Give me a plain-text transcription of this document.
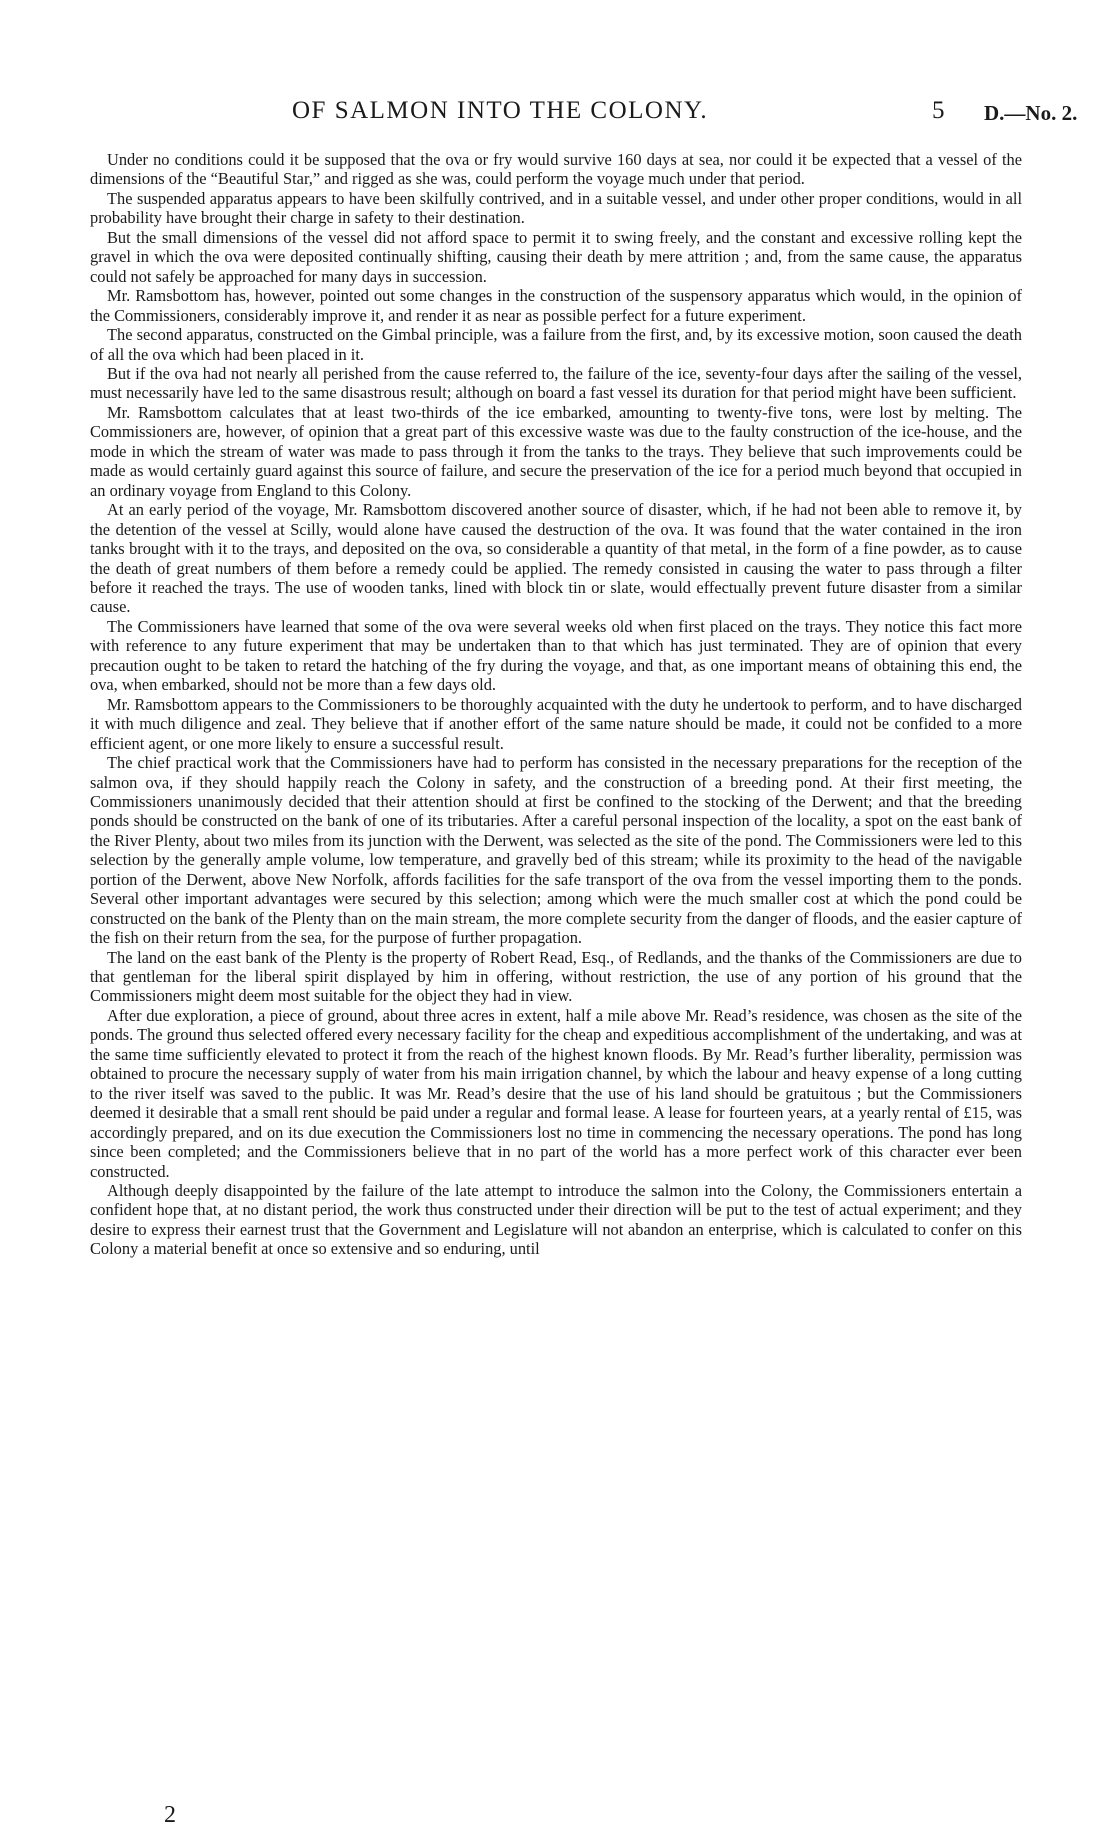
OF SALMON INTO THE COLONY.	5 D.—No. 2.

Under no conditions could it be supposed that the ova or fry would survive 160 days at sea, nor could it be expected that a vessel of the dimensions of the “Beautiful Star,” and rigged as she was, could perform the voyage much under that period.

The suspended apparatus appears to have been skilfully contrived, and in a suitable vessel, and under other proper conditions, would in all probability have brought their charge in safety to their destination.

But the small dimensions of the vessel did not afford space to permit it to swing freely, and the constant and excessive rolling kept the gravel in which the ova were deposited continually shifting, causing their death by mere attrition ; and, from the same cause, the apparatus could not safely be approached for many days in succession.

Mr. Ramsbottom has, however, pointed out some changes in the construction of the suspensory apparatus which would, in the opinion of the Commissioners, considerably improve it, and render it as near as possible perfect for a future experiment.

The second apparatus, constructed on the Gimbal principle, was a failure from the first, and, by its excessive motion, soon caused the death of all the ova which had been placed in it.

But if the ova had not nearly all perished from the cause referred to, the failure of the ice, seventy-four days after the sailing of the vessel, must necessarily have led to the same disastrous result; although on board a fast vessel its duration for that period might have been sufficient.

Mr. Ramsbottom calculates that at least two-thirds of the ice embarked, amounting to twenty-five tons, were lost by melting. The Commissioners are, however, of opinion that a great part of this excessive waste was due to the faulty construction of the ice-house, and the mode in which the stream of water was made to pass through it from the tanks to the trays. They believe that such improvements could be made as would certainly guard against this source of failure, and secure the preservation of the ice for a period much beyond that occupied in an ordinary voyage from England to this Colony.

At an early period of the voyage, Mr. Ramsbottom discovered another source of disaster, which, if he had not been able to remove it, by the detention of the vessel at Scilly, would alone have caused the destruction of the ova. It was found that the water contained in the iron tanks brought with it to the trays, and deposited on the ova, so considerable a quantity of that metal, in the form of a fine powder, as to cause the death of great numbers of them before a remedy could be applied. The remedy consisted in causing the water to pass through a filter before it reached the trays. The use of wooden tanks, lined with block tin or slate, would effectually prevent future disaster from a similar cause.

The Commissioners have learned that some of the ova were several weeks old when first placed on the trays. They notice this fact more with reference to any future experiment that may be undertaken than to that which has just terminated. They are of opinion that every precaution ought to be taken to retard the hatching of the fry during the voyage, and that, as one important means of obtaining this end, the ova, when embarked, should not be more than a few days old.

Mr. Ramsbottom appears to the Commissioners to be thoroughly acquainted with the duty he undertook to perform, and to have discharged it with much diligence and zeal. They believe that if another effort of the same nature should be made, it could not be confided to a more efficient agent, or one more likely to ensure a successful result.

The chief practical work that the Commissioners have had to perform has consisted in the necessary preparations for the reception of the salmon ova, if they should happily reach the Colony in safety, and the construction of a breeding pond. At their first meeting, the Commissioners unanimously decided that their attention should at first be confined to the stocking of the Derwent; and that the breeding ponds should be constructed on the bank of one of its tributaries. After a careful personal inspection of the locality, a spot on the east bank of the River Plenty, about two miles from its junction with the Derwent, was selected as the site of the pond. The Commissioners were led to this selection by the generally ample volume, low temperature, and gravelly bed of this stream; while its proximity to the head of the navigable portion of the Derwent, above New Norfolk, affords facilities for the safe transport of the ova from the vessel importing them to the ponds. Several other important advantages were secured by this selection; among which were the much smaller cost at which the pond could be constructed on the bank of the Plenty than on the main stream, the more complete security from the danger of floods, and the easier capture of the fish on their return from the sea, for the purpose of further propagation.

The land on the east bank of the Plenty is the property of Robert Read, Esq., of Redlands, and the thanks of the Commissioners are due to that gentleman for the liberal spirit displayed by him in offering, without restriction, the use of any portion of his ground that the Commissioners might deem most suitable for the object they had in view.

After due exploration, a piece of ground, about three acres in extent, half a mile above Mr. Read’s residence, was chosen as the site of the ponds. The ground thus selected offered every necessary facility for the cheap and expeditious accomplishment of the undertaking, and was at the same time sufficiently elevated to protect it from the reach of the highest known floods. By Mr. Read’s further liberality, permission was obtained to procure the necessary supply of water from his main irrigation channel, by which the labour and heavy expense of a long cutting to the river itself was saved to the public. It was Mr. Read’s desire that the use of his land should be gratuitous ; but the Commissioners deemed it desirable that a small rent should be paid under a regular and formal lease. A lease for fourteen years, at a yearly rental of £15, was accordingly prepared, and on its due execution the Commissioners lost no time in commencing the necessary operations. The pond has long since been completed; and the Commissioners believe that in no part of the world has a more perfect work of this character ever been constructed.

Although deeply disappointed by the failure of the late attempt to introduce the salmon into the Colony, the Commissioners entertain a confident hope that, at no distant period, the work thus constructed under their direction will be put to the test of actual experiment; and they desire to express their earnest trust that the Government and Legislature will not abandon an enterprise, which is calculated to confer on this Colony a material benefit at once so extensive and so enduring, until

2
